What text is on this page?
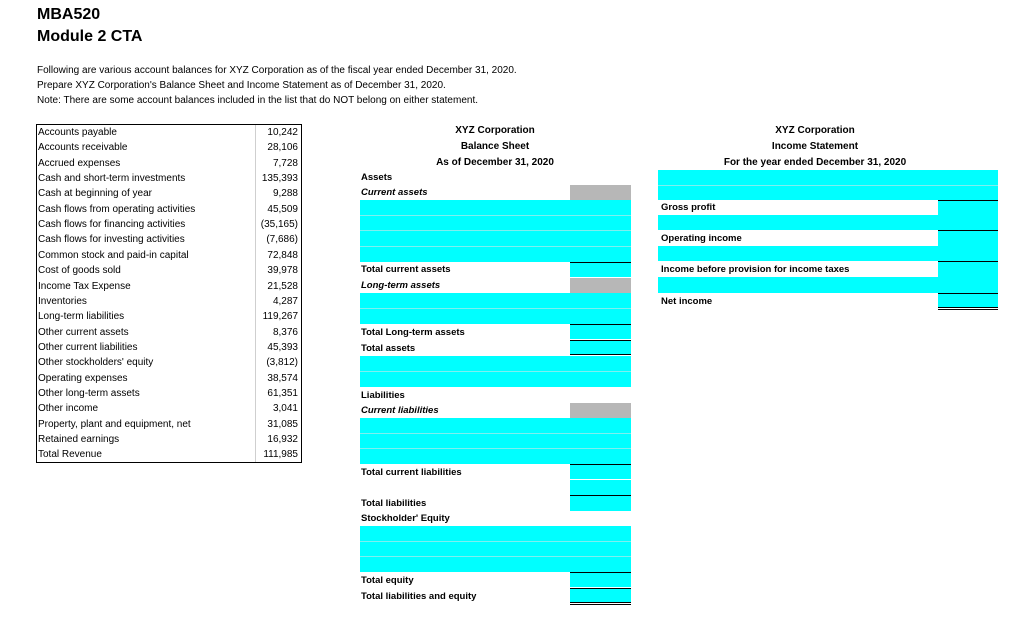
MBA520
Module 2 CTA
Following are various account balances for XYZ Corporation as of the fiscal year ended December 31, 2020.
Prepare XYZ Corporation's Balance Sheet and Income Statement as of December 31, 2020.
Note: There are some account balances included in the list that do NOT belong on either statement.
Accounts payable	10,242
Accounts receivable	28,106
Accrued expenses	7,728
Cash and short-term investments	135,393
Cash at beginning of year	9,288
Cash flows from operating activities	45,509
Cash flows for financing activities	(35,165)
Cash flows for investing activities	(7,686)
Common stock and paid-in capital	72,848
Cost of goods sold	39,978
Income Tax Expense	21,528
Inventories	4,287
Long-term liabilities	119,267
Other current assets	8,376
Other current liabilities	45,393
Other stockholders' equity	(3,812)
Operating expenses	38,574
Other long-term assets	61,351
Other income	3,041
Property, plant and equipment, net	31,085
Retained earnings	16,932
Total Revenue	111,985
XYZ Corporation
Balance Sheet
As of December 31, 2020
Assets
Current assets
Total current assets
Long-term assets
Total Long-term assets
Total assets
Liabilities
Current liabilities
Total current liabilities
Total liabilities
Stockholder' Equity
Total equity
Total liabilities and equity
XYZ Corporation
Income Statement
For the year ended December 31, 2020
Gross profit
Operating income
Income before provision for income taxes
Net income
